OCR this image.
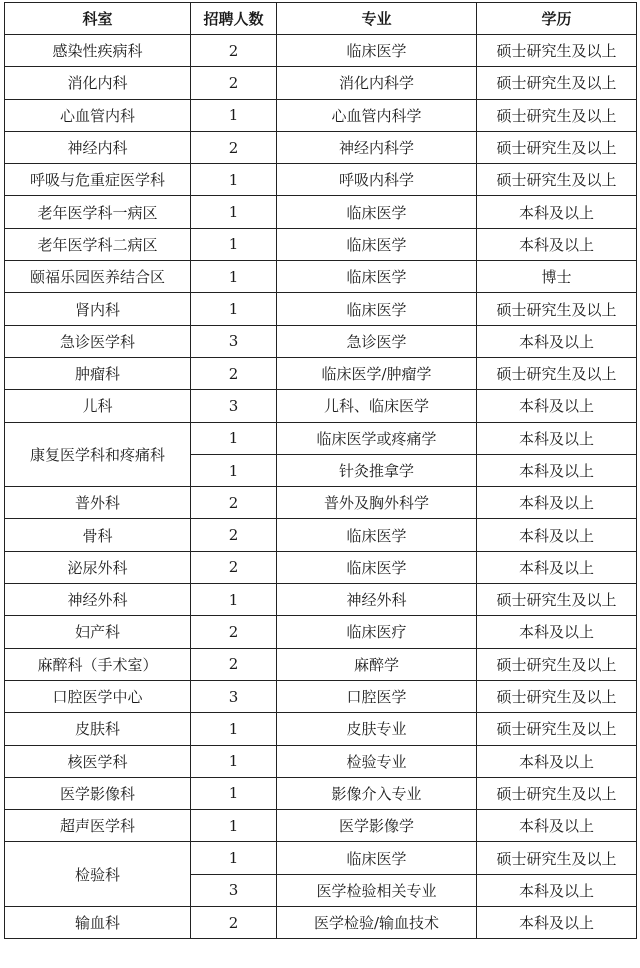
科室	招聘人数	专业	学历
感染性疾病科	2	临床医学	硕士研究生及以上
消化内科	2	消化内科学	硕士研究生及以上
心血管内科	1	心血管内科学	硕士研究生及以上
神经内科	2	神经内科学	硕士研究生及以上
呼吸与危重症医学科	1	呼吸内科学	硕士研究生及以上
老年医学科一病区	1	临床医学	本科及以上
老年医学科二病区	1	临床医学	本科及以上
颐福乐园医养结合区	1	临床医学	博士
肾内科	1	临床医学	硕士研究生及以上
急诊医学科	3	急诊医学	本科及以上
肿瘤科	2	临床医学/肿瘤学	硕士研究生及以上
儿科	3	儿科、临床医学	本科及以上
康复医学科和疼痛科	1	临床医学或疼痛学	本科及以上
	1	针灸推拿学	本科及以上
普外科	2	普外及胸外科学	本科及以上
骨科	2	临床医学	本科及以上
泌尿外科	2	临床医学	本科及以上
神经外科	1	神经外科	硕士研究生及以上
妇产科	2	临床医疗	本科及以上
麻醉科（手术室）	2	麻醉学	硕士研究生及以上
口腔医学中心	3	口腔医学	硕士研究生及以上
皮肤科	1	皮肤专业	硕士研究生及以上
核医学科	1	检验专业	本科及以上
医学影像科	1	影像介入专业	硕士研究生及以上
超声医学科	1	医学影像学	本科及以上
检验科	1	临床医学	硕士研究生及以上
	3	医学检验相关专业	本科及以上
输血科	2	医学检验/输血技术	本科及以上
